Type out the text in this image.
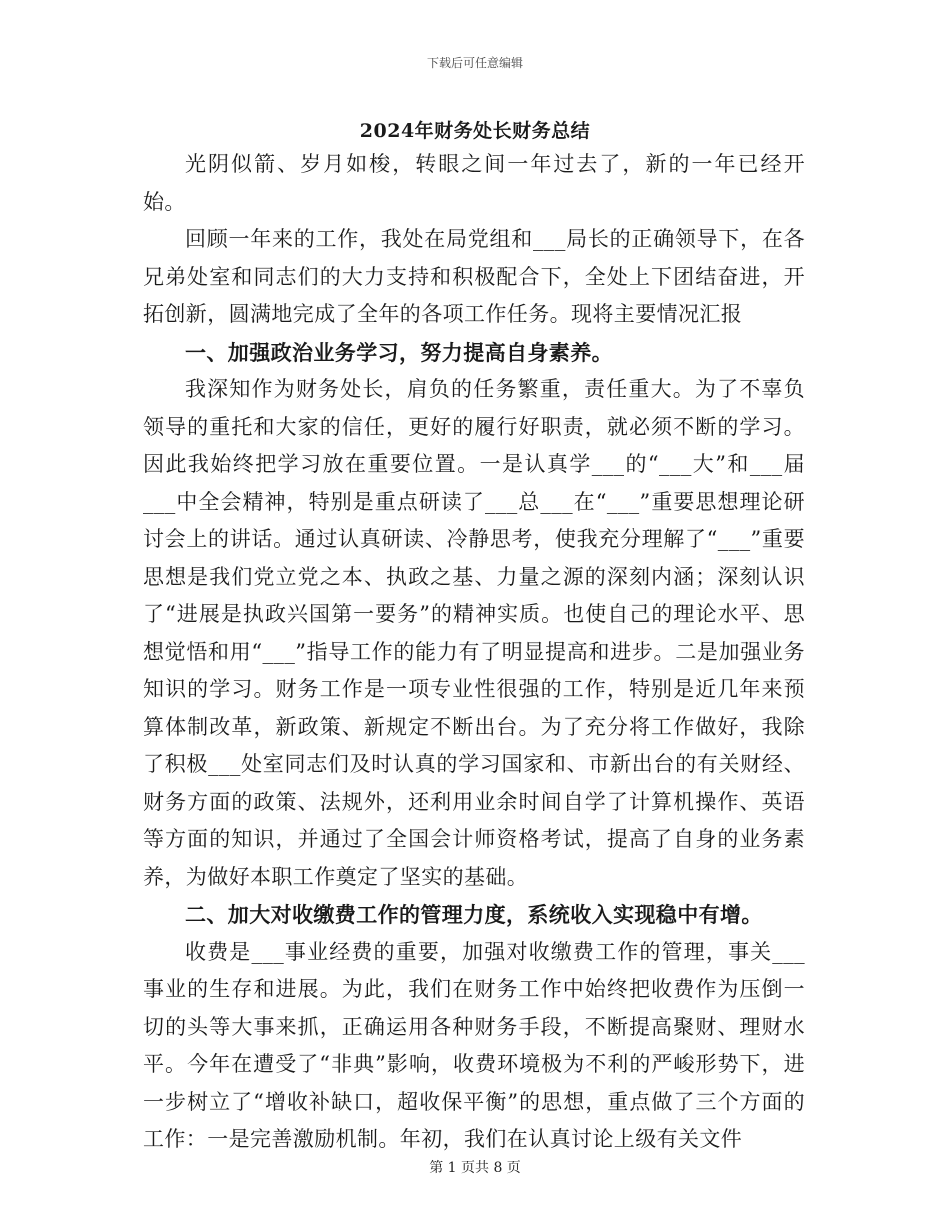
下载后可任意编辑
2024年财务处长财务总结

光阴似箭、岁月如梭，转眼之间一年过去了，新的一年已经开始。

回顾一年来的工作，我处在局党组和___局长的正确领导下，在各兄弟处室和同志们的大力支持和积极配合下，全处上下团结奋进，开拓创新，圆满地完成了全年的各项工作任务。现将主要情况汇报

一、加强政治业务学习，努力提高自身素养。

我深知作为财务处长，肩负的任务繁重，责任重大。为了不辜负领导的重托和大家的信任，更好的履行好职责，就必须不断的学习。因此我始终把学习放在重要位置。一是认真学___的“___大”和___届___中全会精神，特别是重点研读了___总___在“___”重要思想理论研讨会上的讲话。通过认真研读、冷静思考，使我充分理解了“___”重要思想是我们党立党之本、执政之基、力量之源的深刻内涵；深刻认识了“进展是执政兴国第一要务”的精神实质。也使自己的理论水平、思想觉悟和用“___”指导工作的能力有了明显提高和进步。二是加强业务知识的学习。财务工作是一项专业性很强的工作，特别是近几年来预算体制改革，新政策、新规定不断出台。为了充分将工作做好，我除了积极___处室同志们及时认真的学习国家和、市新出台的有关财经、财务方面的政策、法规外，还利用业余时间自学了计算机操作、英语等方面的知识，并通过了全国会计师资格考试，提高了自身的业务素养，为做好本职工作奠定了坚实的基础。

二、加大对收缴费工作的管理力度，系统收入实现稳中有增。

收费是___事业经费的重要，加强对收缴费工作的管理，事关___事业的生存和进展。为此，我们在财务工作中始终把收费作为压倒一切的头等大事来抓，正确运用各种财务手段，不断提高聚财、理财水平。今年在遭受了“非典”影响，收费环境极为不利的严峻形势下，进一步树立了“增收补缺口，超收保平衡”的思想，重点做了三个方面的工作：一是完善激励机制。年初，我们在认真讨论上级有关文件

第 1 页共 8 页
